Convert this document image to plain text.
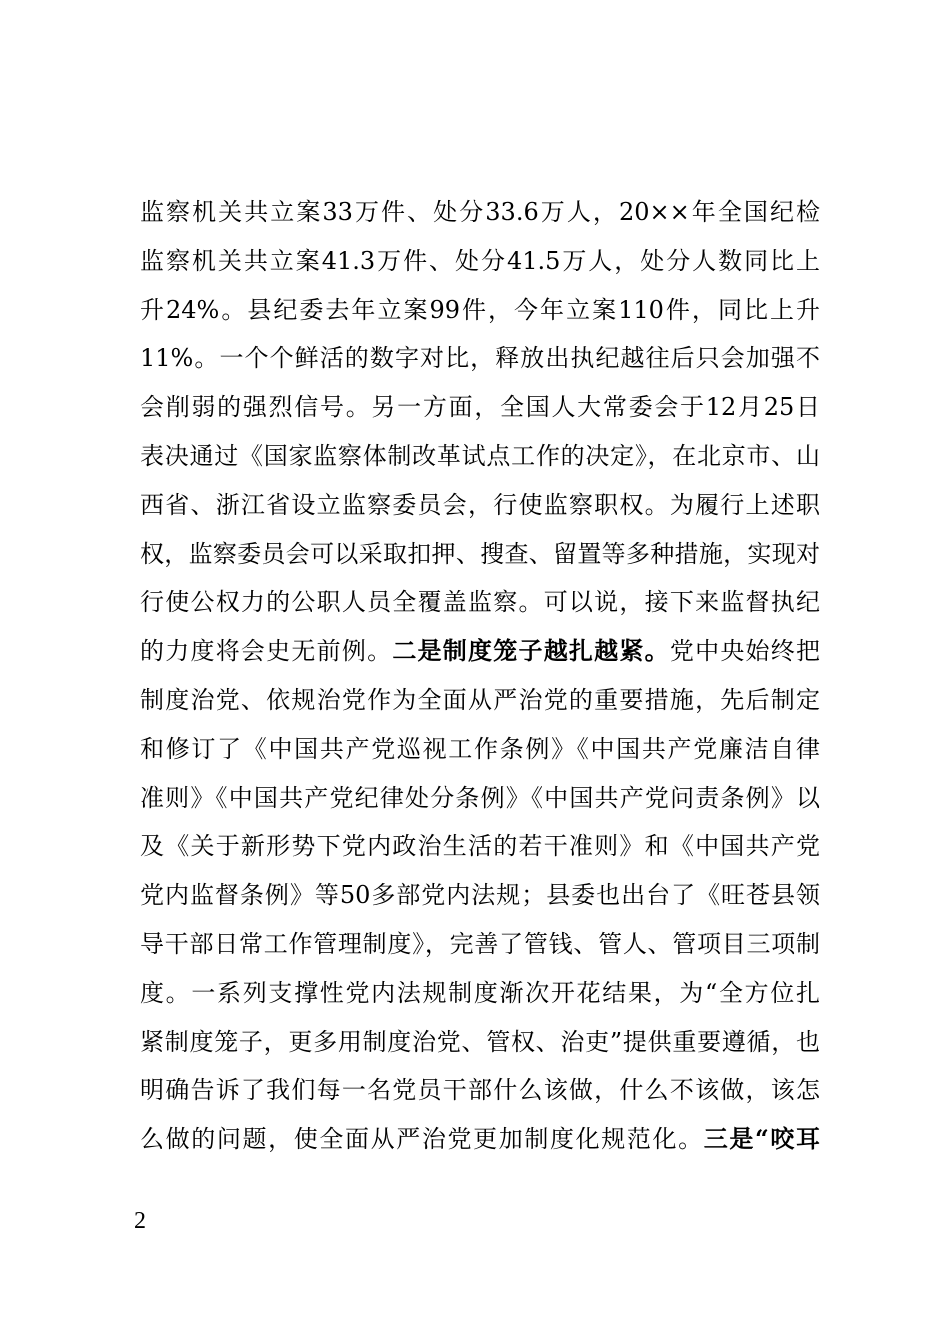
监察机关共立案33万件、处分33.6万人，20××年全国纪检
监察机关共立案41.3万件、处分41.5万人，处分人数同比上
升24%。县纪委去年立案99件，今年立案110件，同比上升
11%。一个个鲜活的数字对比，释放出执纪越往后只会加强不
会削弱的强烈信号。另一方面，全国人大常委会于12月25日
表决通过《国家监察体制改革试点工作的决定》，在北京市、山
西省、浙江省设立监察委员会，行使监察职权。为履行上述职
权，监察委员会可以采取扣押、搜查、留置等多种措施，实现对
行使公权力的公职人员全覆盖监察。可以说，接下来监督执纪
的力度将会史无前例。二是制度笼子越扎越紧。党中央始终把
制度治党、依规治党作为全面从严治党的重要措施，先后制定
和修订了《中国共产党巡视工作条例》《中国共产党廉洁自律
准则》《中国共产党纪律处分条例》《中国共产党问责条例》以
及《关于新形势下党内政治生活的若干准则》和《中国共产党
党内监督条例》等50多部党内法规；县委也出台了《旺苍县领
导干部日常工作管理制度》，完善了管钱、管人、管项目三项制
度。一系列支撑性党内法规制度渐次开花结果，为“全方位扎
紧制度笼子，更多用制度治党、管权、治吏”提供重要遵循，也
明确告诉了我们每一名党员干部什么该做，什么不该做，该怎
么做的问题，使全面从严治党更加制度化规范化。三是“咬耳
2
